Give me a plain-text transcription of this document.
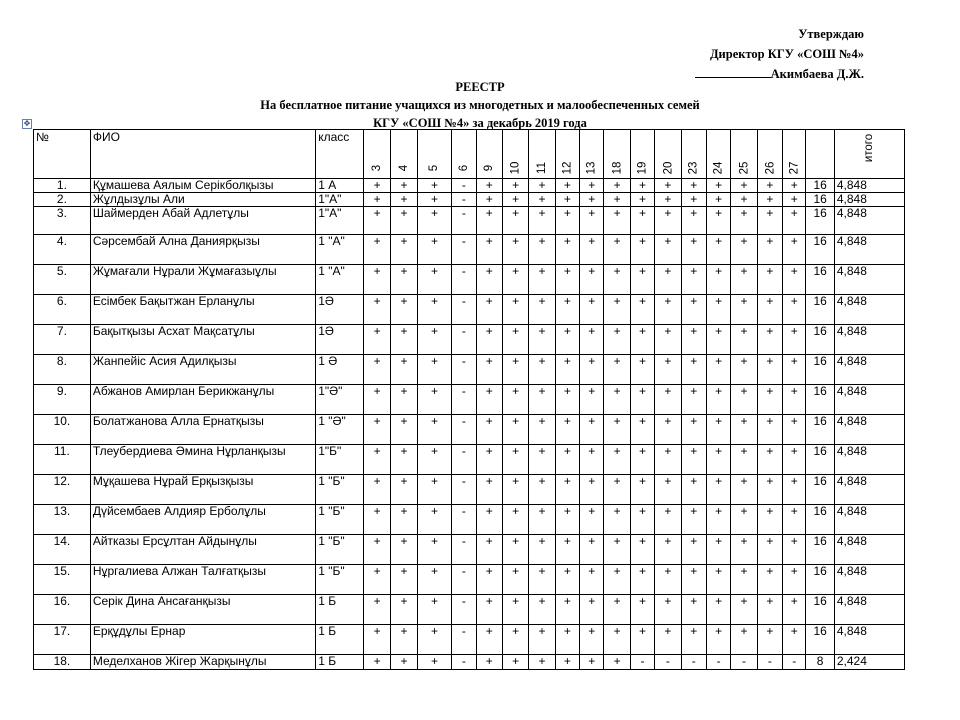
Утверждаю
Директор КГУ «СОШ №4»
Акимбаева Д.Ж.
РЕЕСТР
На бесплатное питание учащихся из многодетных и малообеспеченных семей
КГУ «СОШ №4» за декабрь 2019 года
✥
№	ФИО	класс	3	4	5	6	9	10	11	12	13	18	19	20	23	24	25	26	27		итого
1.	Құмашева Аялым Серікболқызы	1 А	+	+	+	-	+	+	+	+	+	+	+	+	+	+	+	+	+	16	4,848
2.	Жұлдызұлы Али	1"А"	+	+	+	-	+	+	+	+	+	+	+	+	+	+	+	+	+	16	4,848
3.	Шаймерден Абай Адлетұлы	1"А"	+	+	+	-	+	+	+	+	+	+	+	+	+	+	+	+	+	16	4,848
4.	Сәрсембай Ална Даниярқызы	1 "А"	+	+	+	-	+	+	+	+	+	+	+	+	+	+	+	+	+	16	4,848
5.	Жұмағали Нұрали Жұмағазыұлы	1 "А"	+	+	+	-	+	+	+	+	+	+	+	+	+	+	+	+	+	16	4,848
6.	Есімбек Бақытжан Ерланұлы	1Ә	+	+	+	-	+	+	+	+	+	+	+	+	+	+	+	+	+	16	4,848
7.	Бақытқызы Асхат Мақсатұлы	1Ә	+	+	+	-	+	+	+	+	+	+	+	+	+	+	+	+	+	16	4,848
8.	Жанпейіс Асия Адилқызы	1 Ә	+	+	+	-	+	+	+	+	+	+	+	+	+	+	+	+	+	16	4,848
9.	Абжанов Амирлан Берикжанұлы	1"Ә"	+	+	+	-	+	+	+	+	+	+	+	+	+	+	+	+	+	16	4,848
10.	Болатжанова Алла Ернатқызы	1 "Ә"	+	+	+	-	+	+	+	+	+	+	+	+	+	+	+	+	+	16	4,848
11.	Тлеубердиева Әмина Нұрланқызы	1"Б"	+	+	+	-	+	+	+	+	+	+	+	+	+	+	+	+	+	16	4,848
12.	Мұқашева Нұрай Ерқызқызы	1 "Б"	+	+	+	-	+	+	+	+	+	+	+	+	+	+	+	+	+	16	4,848
13.	Дүйсембаев Алдияр Ерболұлы	1 "Б"	+	+	+	-	+	+	+	+	+	+	+	+	+	+	+	+	+	16	4,848
14.	Айтказы Ерсұлтан Айдынұлы	1 "Б"	+	+	+	-	+	+	+	+	+	+	+	+	+	+	+	+	+	16	4,848
15.	Нұргалиева Алжан Талғатқызы	1 "Б"	+	+	+	-	+	+	+	+	+	+	+	+	+	+	+	+	+	16	4,848
16.	Серік Дина Ансағанқызы	1 Б	+	+	+	-	+	+	+	+	+	+	+	+	+	+	+	+	+	16	4,848
17.	Ерқұдұлы Ернар	1 Б	+	+	+	-	+	+	+	+	+	+	+	+	+	+	+	+	+	16	4,848
18.	Меделханов Жігер Жарқынұлы	1 Б	+	+	+	-	+	+	+	+	+	+	-	-	-	-	-	-	-	8	2,424
